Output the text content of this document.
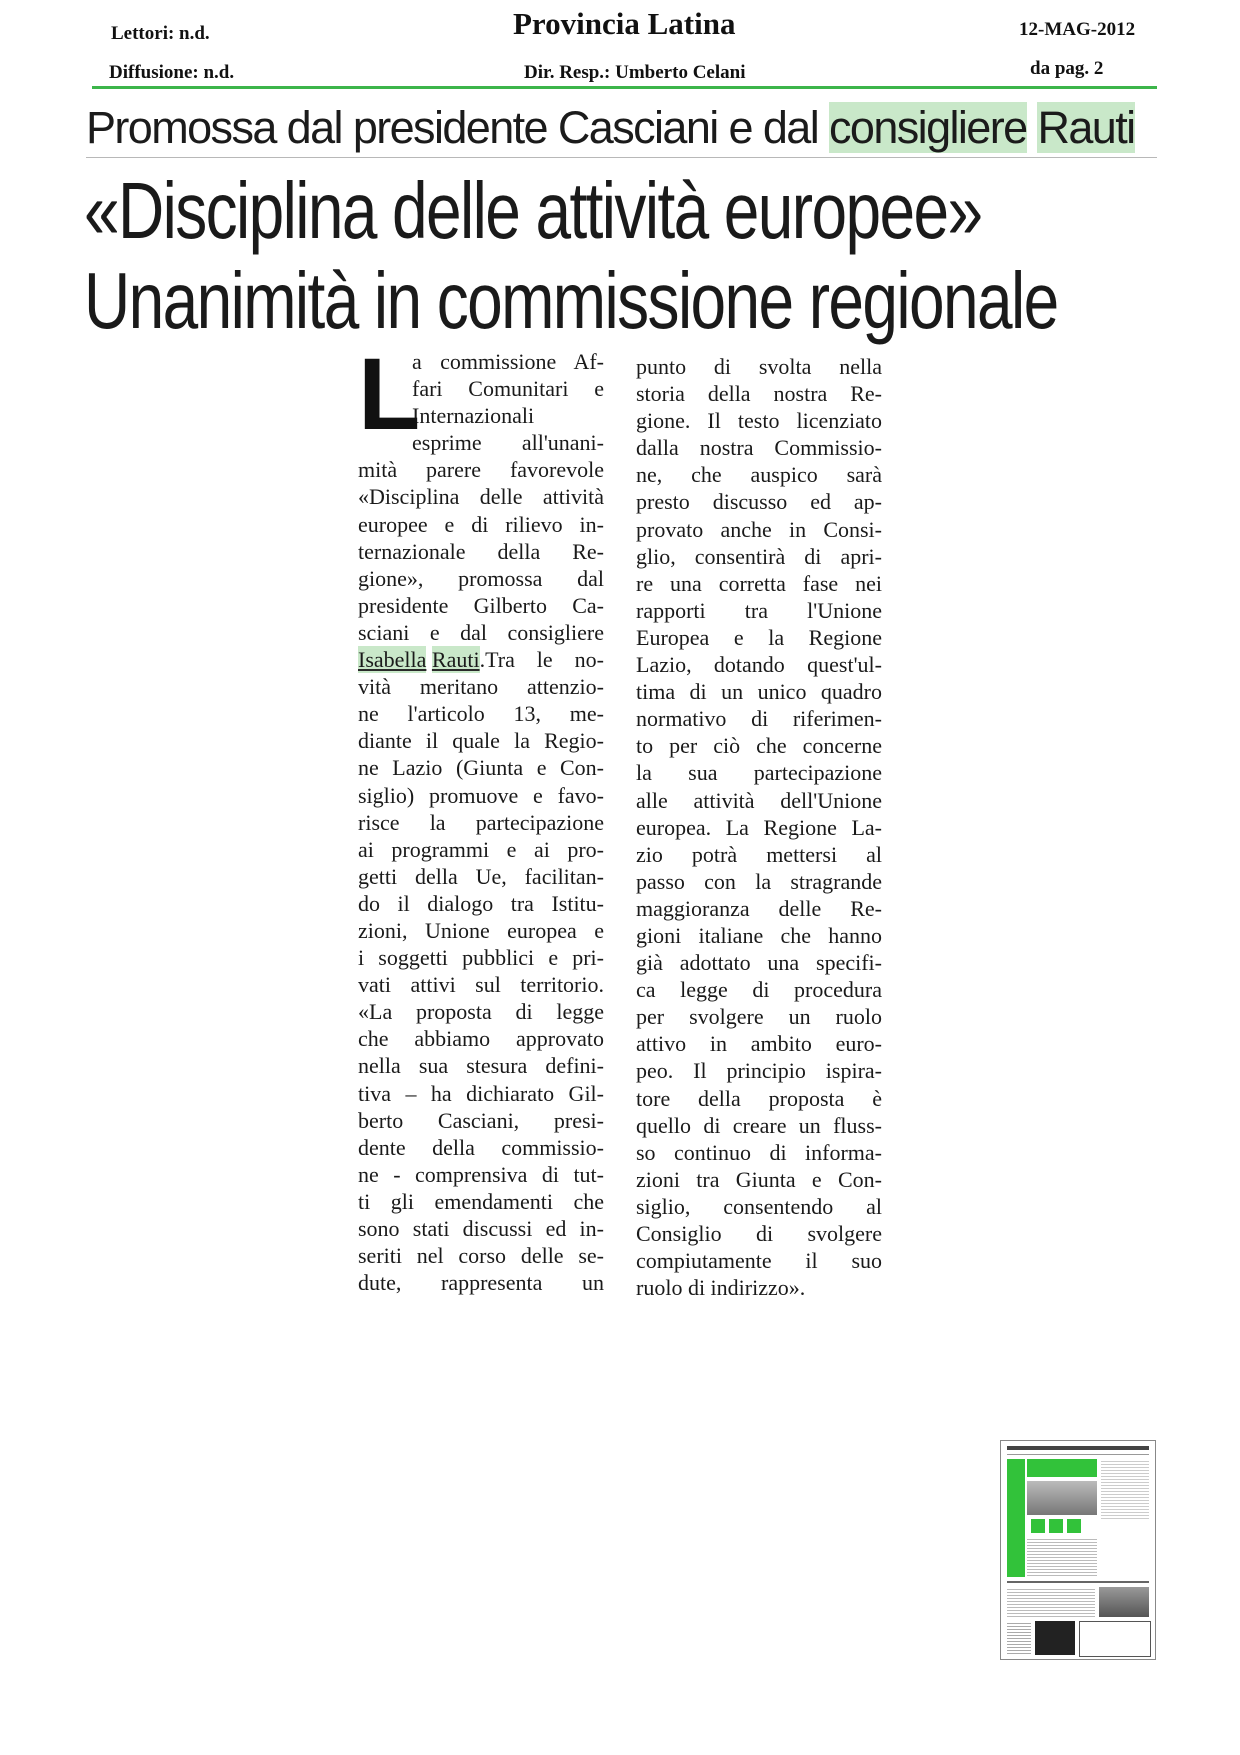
Lettori: n.d.
Diffusione: n.d.
Provincia Latina
Dir. Resp.: Umberto Celani
12-MAG-2012
da pag. 2
Promossa dal presidente Casciani e dal consigliere Rauti
«Disciplina delle attività europee»
Unanimità in commissione regionale
L
a commissione Af-
fari Comunitari e
Internazionali
esprime all'unani-
mità parere favorevole
«Disciplina delle attività
europee e di rilievo in-
ternazionale della Re-
gione», promossa dal
presidente Gilberto Ca-
sciani e dal consigliere
Isabella
Rauti .Tra le no-
vità meritano attenzio-
ne l'articolo 13, me-
diante il quale la Regio-
ne Lazio (Giunta e Con-
siglio) promuove e favo-
risce la partecipazione
ai programmi e ai pro-
getti della Ue, facilitan-
do il dialogo tra Istitu-
zioni, Unione europea e
i soggetti pubblici e pri-
vati attivi sul territorio.
«La proposta di legge
che abbiamo approvato
nella sua stesura defini-
tiva – ha dichiarato Gil-
berto Casciani, presi-
dente della commissio-
ne - comprensiva di tut-
ti gli emendamenti che
sono stati discussi ed in-
seriti nel corso delle se-
dute, rappresenta un
punto di svolta nella
storia della nostra Re-
gione. Il testo licenziato
dalla nostra Commissio-
ne, che auspico sarà
presto discusso ed ap-
provato anche in Consi-
glio, consentirà di apri-
re una corretta fase nei
rapporti tra l'Unione
Europea e la Regione
Lazio, dotando quest'ul-
tima di un unico quadro
normativo di riferimen-
to per ciò che concerne
la sua partecipazione
alle attività dell'Unione
europea. La Regione La-
zio potrà mettersi al
passo con la stragrande
maggioranza delle Re-
gioni italiane che hanno
già adottato una specifi-
ca legge di procedura
per svolgere un ruolo
attivo in ambito euro-
peo. Il principio ispira-
tore della proposta è
quello di creare un fluss-
so continuo di informa-
zioni tra Giunta e Con-
siglio, consentendo al
Consiglio di svolgere
compiutamente il suo
ruolo di indirizzo».
